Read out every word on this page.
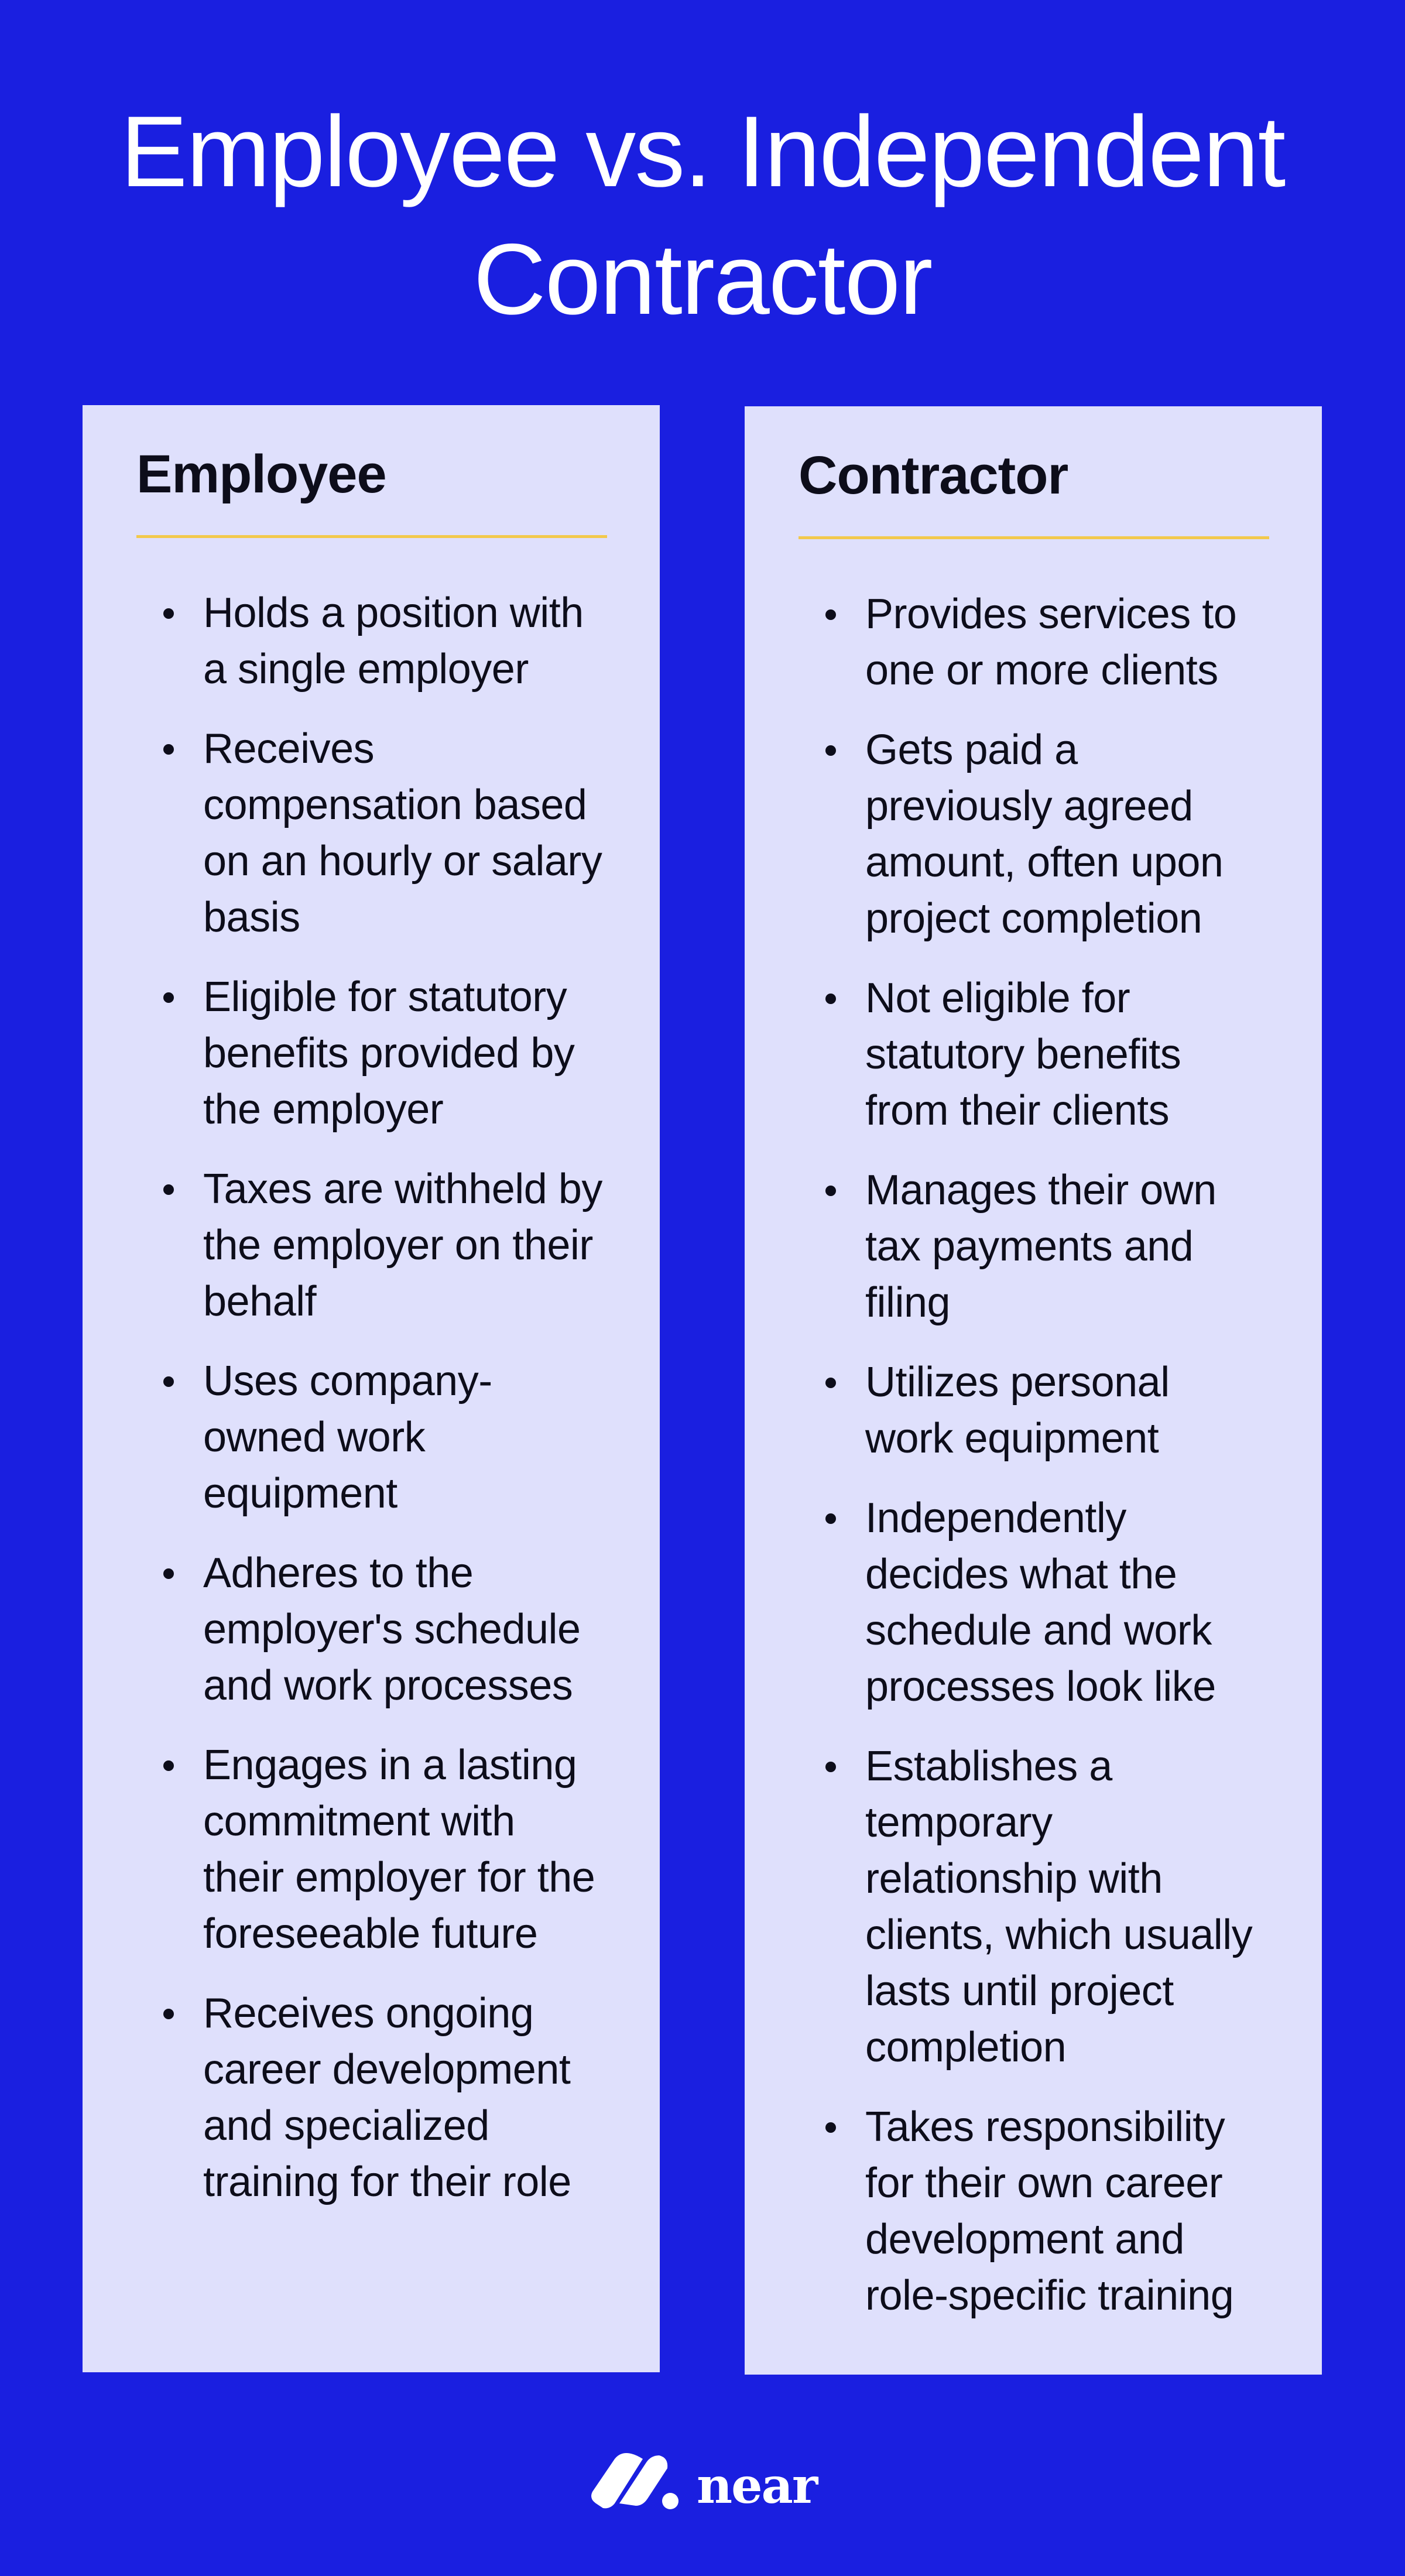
Employee vs. Independent
Contractor
Employee
Holds a position with a single employer
Receives compensation based on an hourly or salary basis
Eligible for statutory benefits provided by the employer
Taxes are withheld by the employer on their behalf
Uses company-owned work equipment
Adheres to the employer's schedule and work processes
Engages in a lasting commitment with their employer for the foreseeable future
Receives ongoing career development and specialized training for their role
Contractor
Provides services to one or more clients
Gets paid a previously agreed amount, often upon project completion
Not eligible for statutory benefits from their clients
Manages their own tax payments and filing
Utilizes personal work equipment
Independently decides what the schedule and work processes look like
Establishes a temporary relationship with clients, which usually lasts until project completion
Takes responsibility for their own career development and role-specific training
near
